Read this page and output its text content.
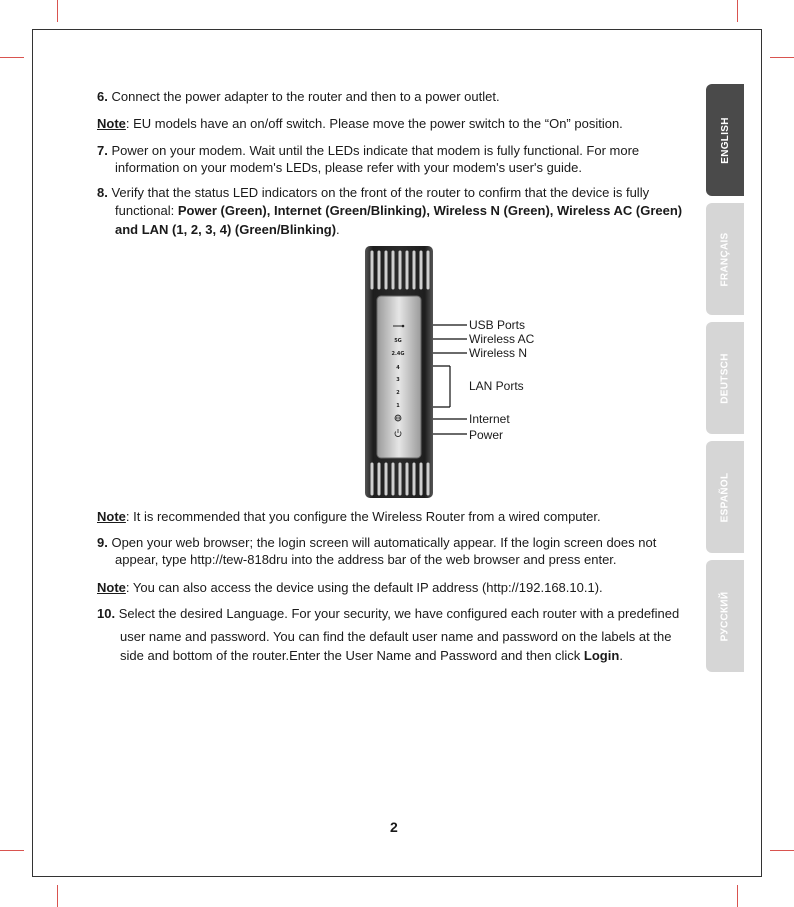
6. Connect the power adapter to the router and then to a power outlet.
Note: EU models have an on/off switch. Please move the power switch to the “On” position.
7. Power on your modem. Wait until the LEDs indicate that modem is fully functional. For more
information on your modem's LEDs, please refer with your modem's user's guide.
8. Verify that the status LED indicators on the front of the router to confirm that the device is fully
functional: Power (Green), Internet (Green/Blinking), Wireless N (Green), Wireless AC (Green)
and LAN (1, 2, 3, 4) (Green/Blinking).
5G
2.4G
4
3
2
1
USB Ports
Wireless AC
Wireless N
LAN Ports
Internet
Power
Note: It is recommended that you configure the Wireless Router from a wired computer.
9. Open your web browser; the login screen will automatically appear. If the login screen does not
appear, type http://tew-818dru into the address bar of the web browser and press enter.
Note: You can also access the device using the default IP address (http://192.168.10.1).
10. Select the desired Language. For your security, we have configured each router with a predefined
user name and password. You can find the default user name and password on the labels at the
side and bottom of the router.Enter the User Name and Password and then click Login.
ENGLISH
FRANÇAIS
DEUTSCH
ESPAÑOL
РУССКИЙ
2
